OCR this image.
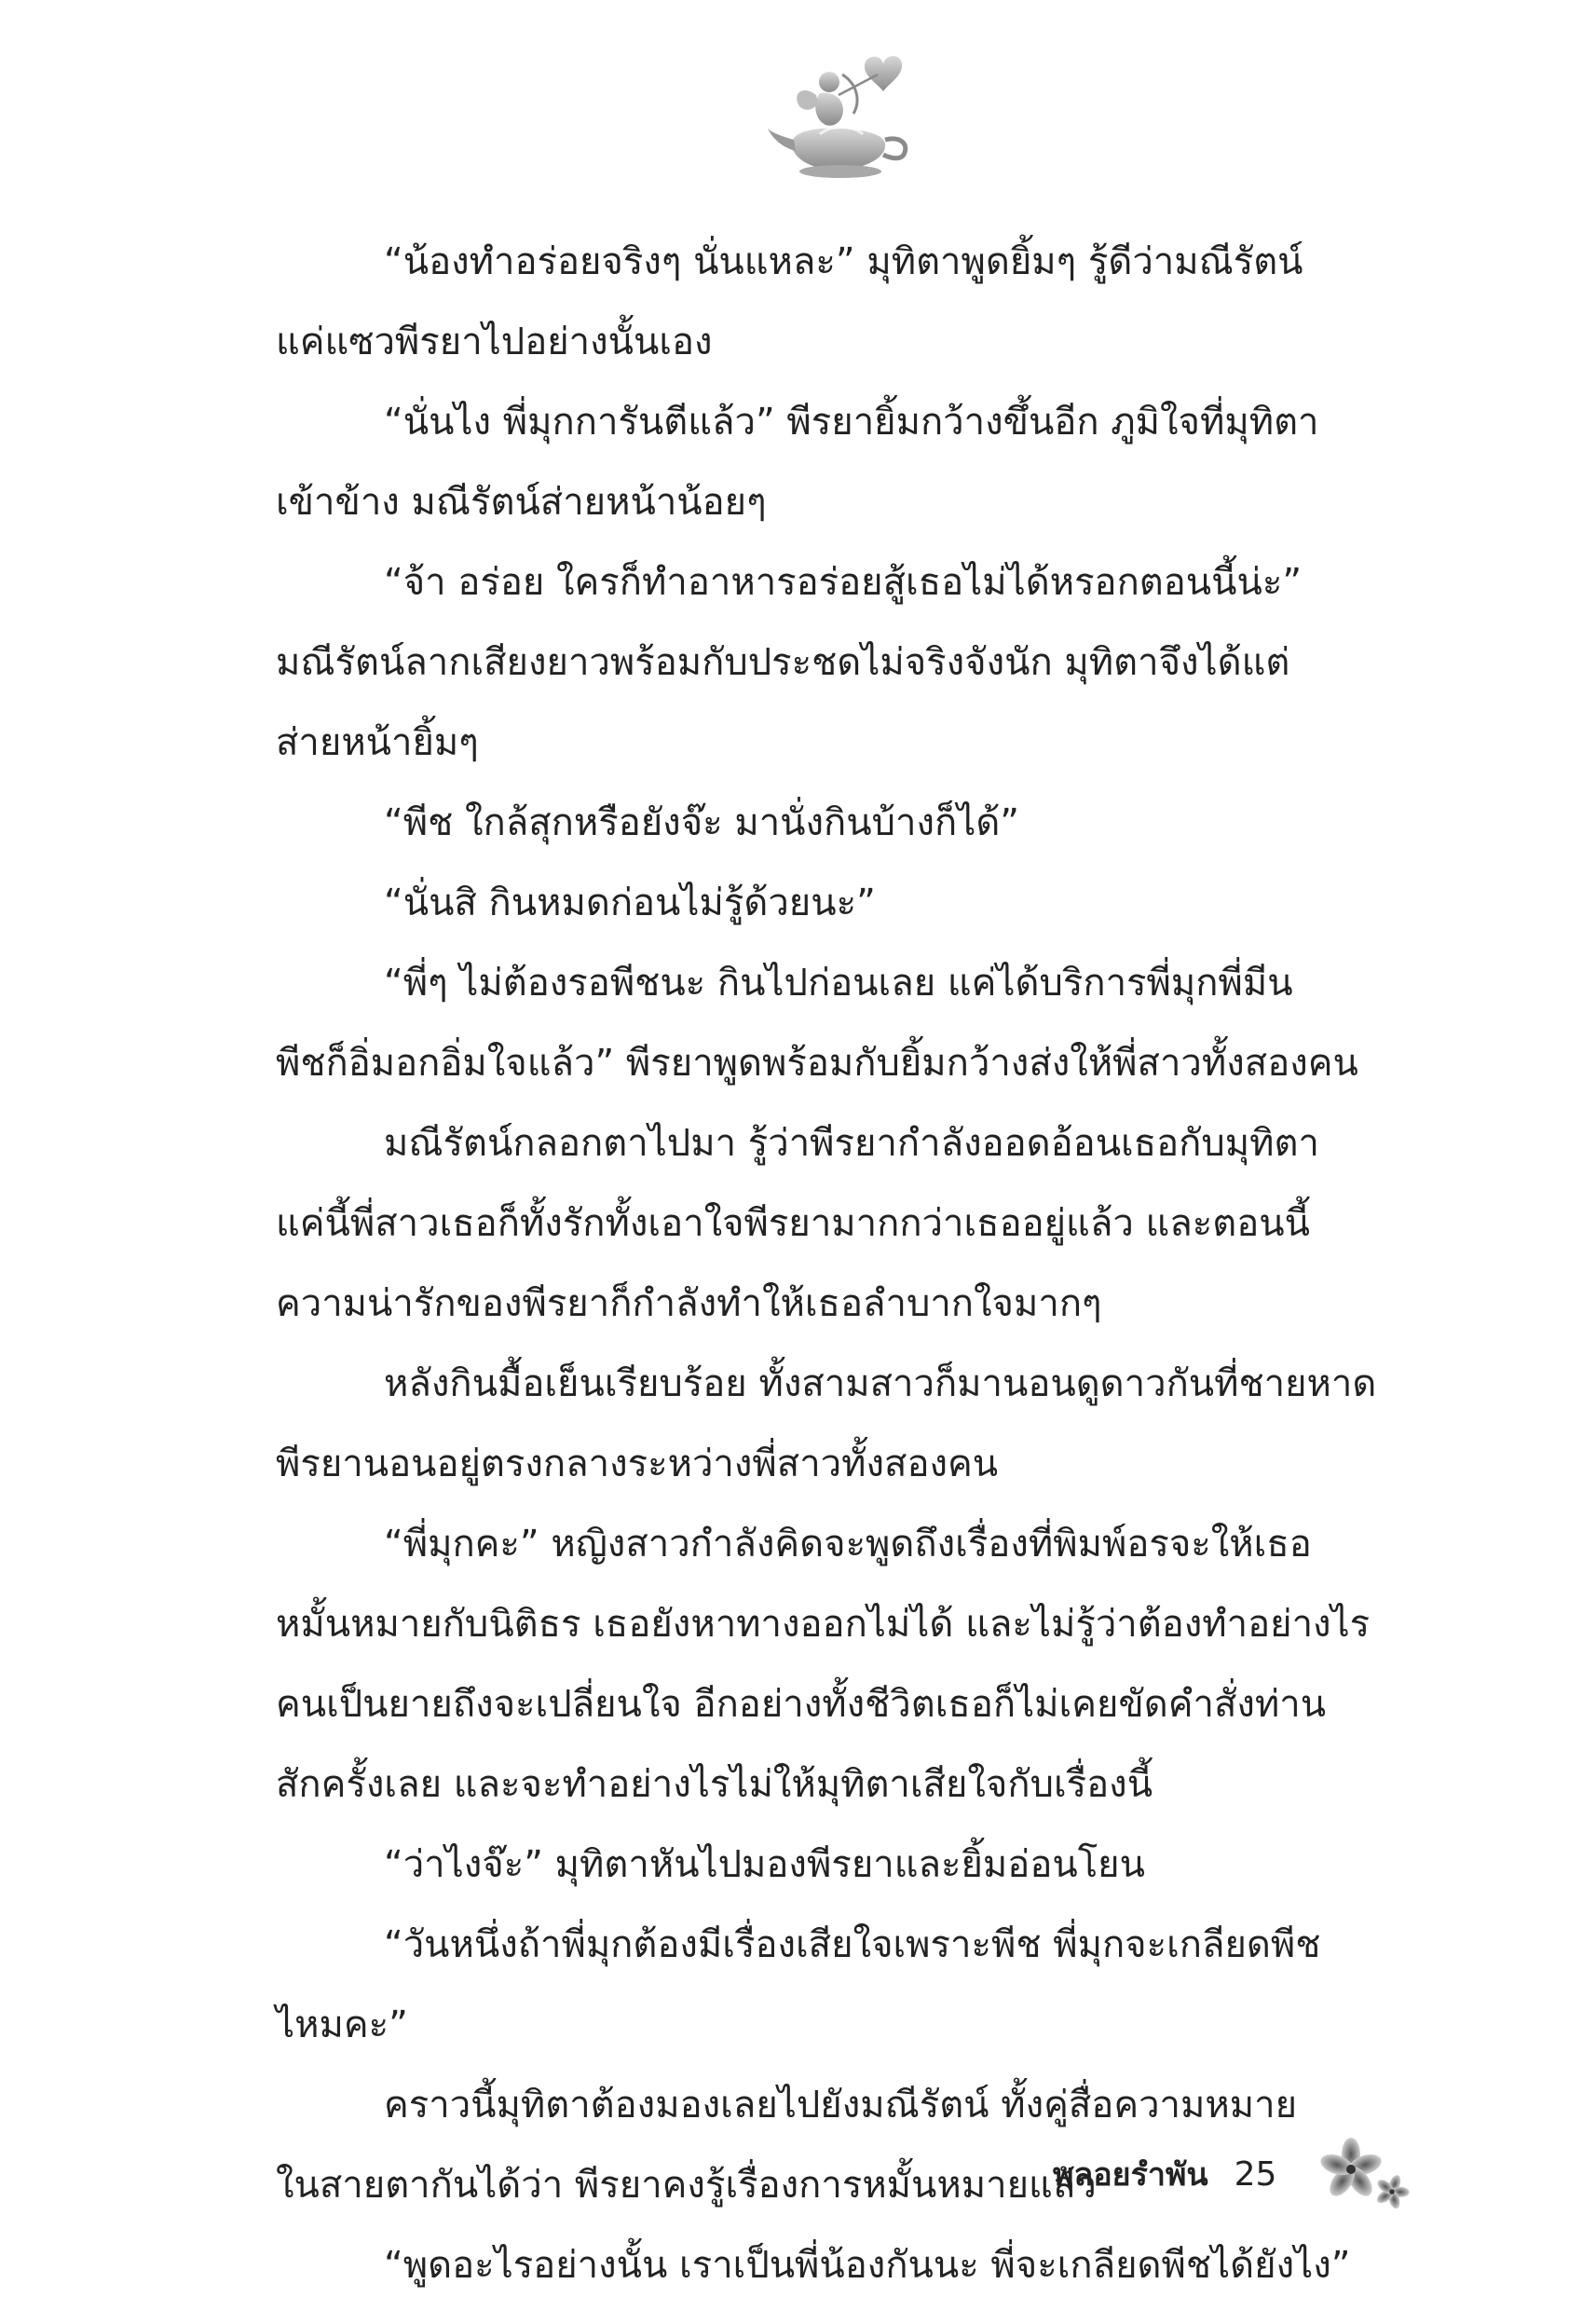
“น้องทำอร่อยจริงๆ นั่นแหละ” มุทิตาพูดยิ้มๆ รู้ดีว่ามณีรัตน์
แค่แซวพีรยาไปอย่างนั้นเอง
“นั่นไง พี่มุกการันตีแล้ว” พีรยายิ้มกว้างขึ้นอีก ภูมิใจที่มุทิตา
เข้าข้าง มณีรัตน์ส่ายหน้าน้อยๆ
“จ้า อร่อย ใครก็ทำอาหารอร่อยสู้เธอไม่ได้หรอกตอนนี้น่ะ”
มณีรัตน์ลากเสียงยาวพร้อมกับประชดไม่จริงจังนัก มุทิตาจึงได้แต่
ส่ายหน้ายิ้มๆ
“พีช ใกล้สุกหรือยังจ๊ะ มานั่งกินบ้างก็ได้”
“นั่นสิ กินหมดก่อนไม่รู้ด้วยนะ”
“พี่ๆ ไม่ต้องรอพีชนะ กินไปก่อนเลย แค่ได้บริการพี่มุกพี่มีน
พีชก็อิ่มอกอิ่มใจแล้ว” พีรยาพูดพร้อมกับยิ้มกว้างส่งให้พี่สาวทั้งสองคน
มณีรัตน์กลอกตาไปมา รู้ว่าพีรยากำลังออดอ้อนเธอกับมุทิตา
แค่นี้พี่สาวเธอก็ทั้งรักทั้งเอาใจพีรยามากกว่าเธออยู่แล้ว และตอนนี้
ความน่ารักของพีรยาก็กำลังทำให้เธอลำบากใจมากๆ
หลังกินมื้อเย็นเรียบร้อย ทั้งสามสาวก็มานอนดูดาวกันที่ชายหาด
พีรยานอนอยู่ตรงกลางระหว่างพี่สาวทั้งสองคน
“พี่มุกคะ” หญิงสาวกำลังคิดจะพูดถึงเรื่องที่พิมพ์อรจะให้เธอ
หมั้นหมายกับนิติธร เธอยังหาทางออกไม่ได้ และไม่รู้ว่าต้องทำอย่างไร
คนเป็นยายถึงจะเปลี่ยนใจ อีกอย่างทั้งชีวิตเธอก็ไม่เคยขัดคำสั่งท่าน
สักครั้งเลย และจะทำอย่างไรไม่ให้มุทิตาเสียใจกับเรื่องนี้
“ว่าไงจ๊ะ” มุทิตาหันไปมองพีรยาและยิ้มอ่อนโยน
“วันหนึ่งถ้าพี่มุกต้องมีเรื่องเสียใจเพราะพีช พี่มุกจะเกลียดพีช
ไหมคะ”
คราวนี้มุทิตาต้องมองเลยไปยังมณีรัตน์ ทั้งคู่สื่อความหมาย
ในสายตากันได้ว่า พีรยาคงรู้เรื่องการหมั้นหมายแล้ว
“พูดอะไรอย่างนั้น เราเป็นพี่น้องกันนะ พี่จะเกลียดพีชได้ยังไง”
พลอยรำพัน 25
